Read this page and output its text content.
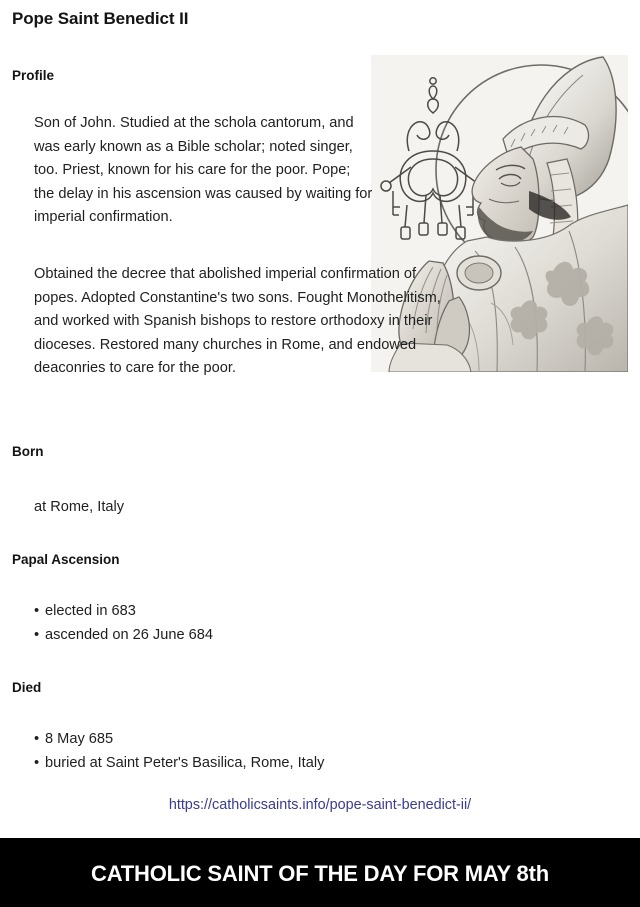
Pope Saint Benedict II
Profile
Son of John. Studied at the schola cantorum, and was early known as a Bible scholar; noted singer, too. Priest, known for his care for the poor. Pope; the delay in his ascension was caused by waiting for imperial confirmation.
Obtained the decree that abolished imperial confirmation of popes. Adopted Constantine's two sons. Fought Monothelitism, and worked with Spanish bishops to restore orthodoxy in their dioceses. Restored many churches in Rome, and endowed deaconries to care for the poor.
Born
at Rome, Italy
Papal Ascension
• elected in 683
• ascended on 26 June 684
Died
• 8 May 685
• buried at Saint Peter's Basilica, Rome, Italy
https://catholicsaints.info/pope-saint-benedict-ii/
CATHOLIC SAINT OF THE DAY FOR MAY 8th
